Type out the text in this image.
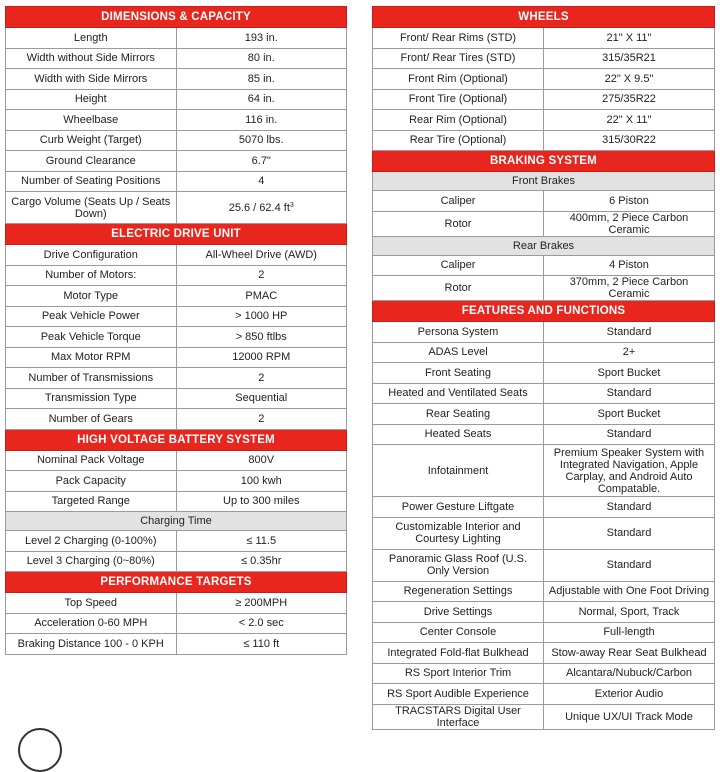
DIMENSIONS & CAPACITY	
Length	193 in.
Width without Side Mirrors	80 in.
Width with Side Mirrors	85 in.
Height	64 in.
Wheelbase	116 in.
Curb Weight (Target)	5070 lbs.
Ground Clearance	6.7"
Number of Seating Positions	4
Cargo Volume (Seats Up / Seats Down)	25.6 / 62.4 $ft^3$
ELECTRIC DRIVE UNIT	
Drive Configuration	All-Wheel Drive (AWD)
Number of Motors:	2
Motor Type	PMAC
Peak Vehicle Power	> 1000 HP
Peak Vehicle Torque	> 850 ftlbs
Max Motor RPM	12000 RPM
Number of Transmissions	2
Transmission Type	Sequential
Number of Gears	2
HIGH VOLTAGE BATTERY SYSTEM	
Nominal Pack Voltage	800V
Pack Capacity	100 kwh
Targeted Range	Up to 300 miles
Charging Time	
Level 2 Charging (0-100%)	≤ 11.5
Level 3 Charging (0~80%)	≤ 0.35hr
PERFORMANCE TARGETS	
Top Speed	≥ 200MPH
Acceleration 0-60 MPH	< 2.0 sec
Braking Distance 100 - 0 KPH	≤ 110 ft
WHEELS	
Front/ Rear Rims (STD)	21" X 11"
Front/ Rear Tires (STD)	315/35R21
Front Rim (Optional)	22" X 9.5"
Front Tire (Optional)	275/35R22
Rear Rim (Optional)	22" X 11"
Rear Tire (Optional)	315/30R22
BRAKING SYSTEM	
Front Brakes	
Caliper	6 Piston
Rotor	400mm, 2 Piece Carbon Ceramic
Rear Brakes	
Caliper	4 Piston
Rotor	370mm, 2 Piece Carbon Ceramic
FEATURES AND FUNCTIONS	
Persona System	Standard
ADAS Level	2+
Front Seating	Sport Bucket
Heated and Ventilated Seats	Standard
Rear Seating	Sport Bucket
Heated Seats	Standard
Infotainment	Premium Speaker System with Integrated Navigation, Apple Carplay, and Android Auto Compatable.
Power Gesture Liftgate	Standard
Customizable Interior and Courtesy Lighting	Standard
Panoramic Glass Roof (U.S. Only Version	Standard
Regeneration Settings	Adjustable with One Foot Driving
Drive Settings	Normal, Sport, Track
Center Console	Full-length
Integrated Fold-flat Bulkhead	Stow-away Rear Seat Bulkhead
RS Sport Interior Trim	Alcantara/Nubuck/Carbon
RS Sport Audible Experience	Exterior Audio
TRACSTARS Digital User Interface	Unique UX/UI Track Mode
